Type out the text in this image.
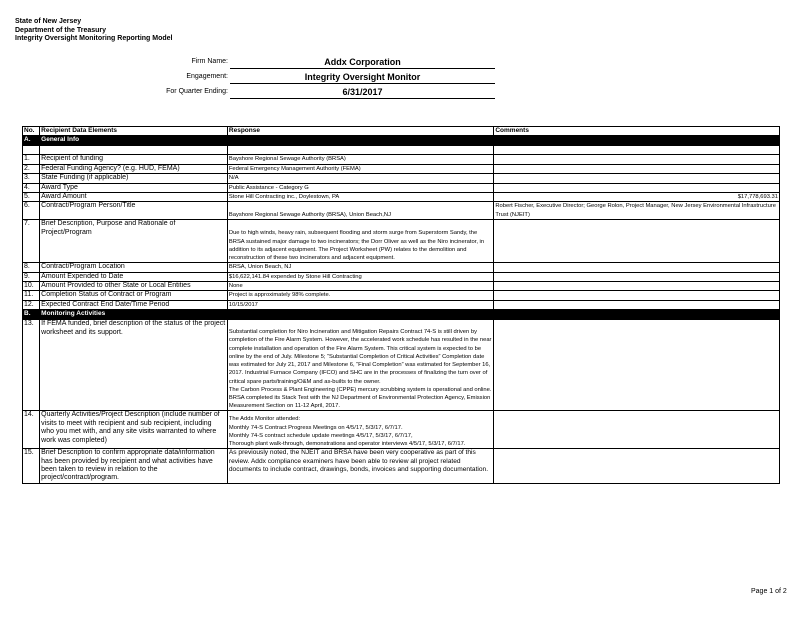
State of New Jersey
Department of the Treasury
Integrity Oversight Monitoring Reporting Model
Firm Name:	Addx Corporation
Engagement:	Integrity Oversight Monitor
For Quarter Ending:	6/31/2017
No.	Recipient Data Elements	Response	Comments
A.	General Info		

1.	Recipient of funding	Bayshore Regional Sewage Authority (BRSA)	
2.	Federal Funding Agency? (e.g. HUD, FEMA)	Federal Emergency Management Authority (FEMA)	
3.	State Funding (if applicable)	N/A	
4.	Award Type	Public Assistance - Category G	
5.	Award Amount	Stone Hill Contracting inc., Doylestown, PA	$17,778,693.31
6.	Contract/Program Person/Title	Bayshore Regional Sewage Authority (BRSA), Union Beach,NJ	Robert Fischer, Executive Director; George Rolon, Project Manager, New Jersey Environmental Infrastructure Trust (NJEIT)
7.	Brief Description, Purpose and Rationale of Project/Program	Due to high winds, heavy rain, subsequent flooding and storm surge from Superstorm Sandy, the BRSA sustained major damage to two incinerators; the Dorr Oliver as well as the Niro incinerator, in addition to its adjacent equipment. The Project Worksheet (PW) relates to the demolition and reconstruction of these two incinerators and adjacent equipment.	
8.	Contract/Program Location	BRSA, Union Beach, NJ	
9.	Amount Expended to Date	$16,622,141.84 expended by Stone Hill Contracting	
10.	Amount Provided to other State or Local Entities	None	
11.	Completion Status of Contract or Program	Project is approximately 98% complete.	
12.	Expected Contract End Date/Time Period	10/15/2017	
B.	Monitoring Activities		
13.	If FEMA funded, brief description of the status of the project worksheet and its support.	Substantial completion for Niro Incineration and Mitigation Repairs Contract 74-S is still driven by completion of the Fire Alarm System. However, the accelerated work schedule has resulted in the near complete installation and operation of the Fire Alarm System. This critical system is expected to be online by the end of July. Milestone 5; “Substantial Completion of Critical Activities” Completion date was estimated for July 21, 2017 and Milestone 6, “Final Completion” was estimated for September 16, 2017. Industrial Furnace Company (IFCO) and SHC are in the processes of finalizing the turn over of critical spare parts/training/O&M and as-builts to the owner.
The Carbon Process & Plant Engineering (CPPE) mercury scrubbing system is operational and online.
BRSA completed its Stack Test with the NJ Department of Environmental Protection Agency, Emission Measurement Section on 11-12 April, 2017.	

14.	Quarterly Activities/Project Description (include number of visits to meet with recipient and sub recipient, including who you met with, and any site visits warranted to where work was completed)	The Addx Monitor attended:
Monthly 74-S Contract Progress Meetings on 4/5/17, 5/3/17, 6/7/17.
Monthly 74-S contract schedule update meetings 4/5/17, 5/3/17, 6/7/17,
Thorough plant walk-through, demonstrations and operator interviews 4/5/17, 5/3/17, 6/7/17.	

15.	Brief Description to confirm appropriate data/information has been provided by recipient and what activities have been taken to review in relation to the project/contract/program.	As previously noted, the NJEIT and BRSA have been very cooperative as part of this review. Addx compliance examiners have been able to review all project related documents to include contract, drawings, bonds, invoices and supporting documentation.	
Page 1 of 2
